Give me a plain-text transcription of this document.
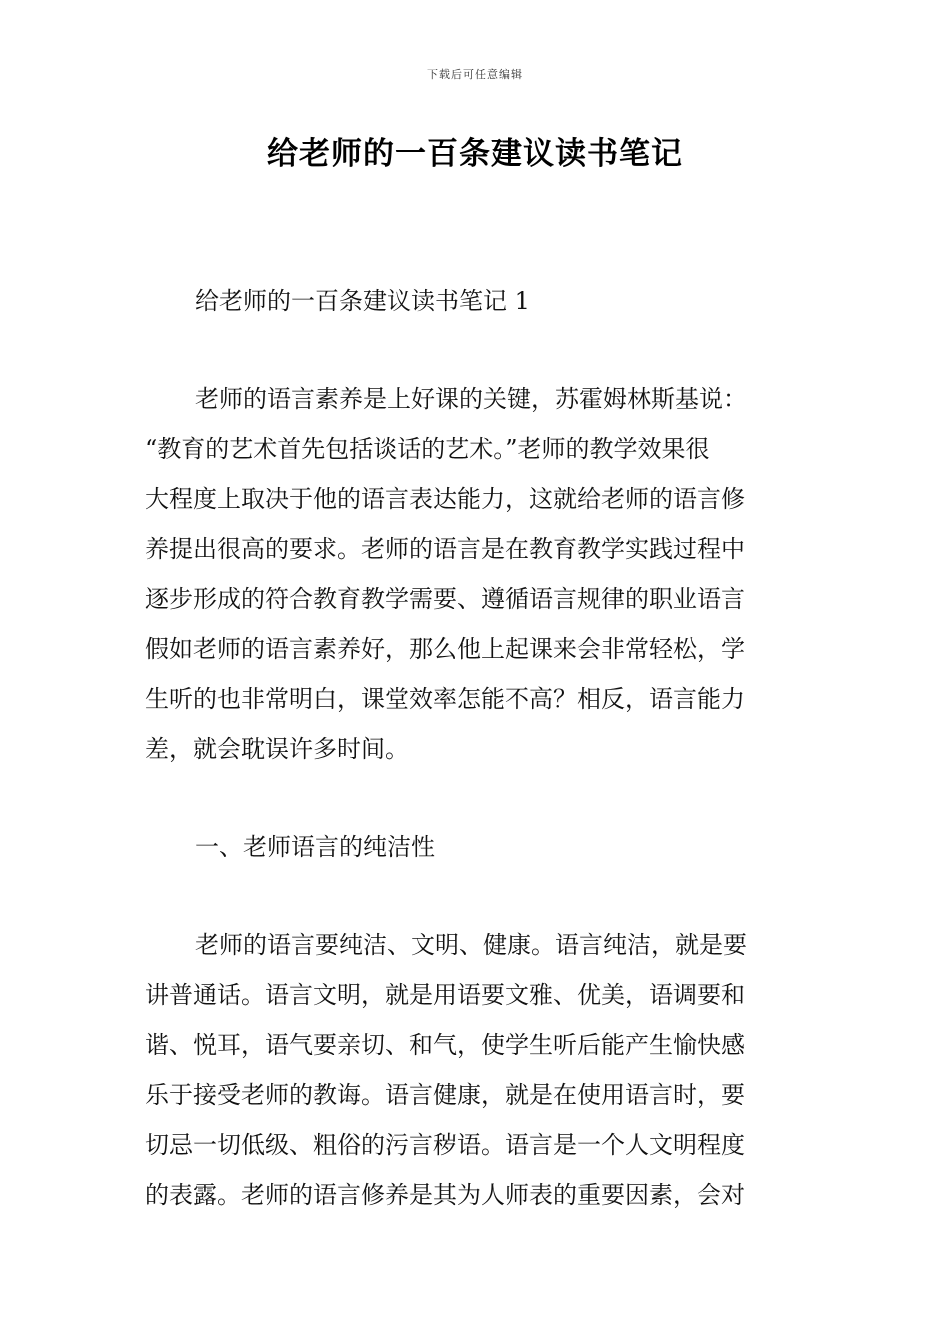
下载后可任意编辑
给老师的一百条建议读书笔记
给老师的一百条建议读书笔记 1
老师的语言素养是上好课的关键，苏霍姆林斯基说：
“教育的艺术首先包括谈话的艺术。”老师的教学效果很
大程度上取决于他的语言表达能力，这就给老师的语言修
养提出很高的要求。老师的语言是在教育教学实践过程中
逐步形成的符合教育教学需要、遵循语言规律的职业语言
假如老师的语言素养好，那么他上起课来会非常轻松，学
生听的也非常明白，课堂效率怎能不高？相反，语言能力
差，就会耽误许多时间。
一、老师语言的纯洁性
老师的语言要纯洁、文明、健康。语言纯洁，就是要
讲普通话。语言文明，就是用语要文雅、优美，语调要和
谐、悦耳，语气要亲切、和气，使学生听后能产生愉快感
乐于接受老师的教诲。语言健康，就是在使用语言时，要
切忌一切低级、粗俗的污言秽语。语言是一个人文明程度
的表露。老师的语言修养是其为人师表的重要因素，会对
